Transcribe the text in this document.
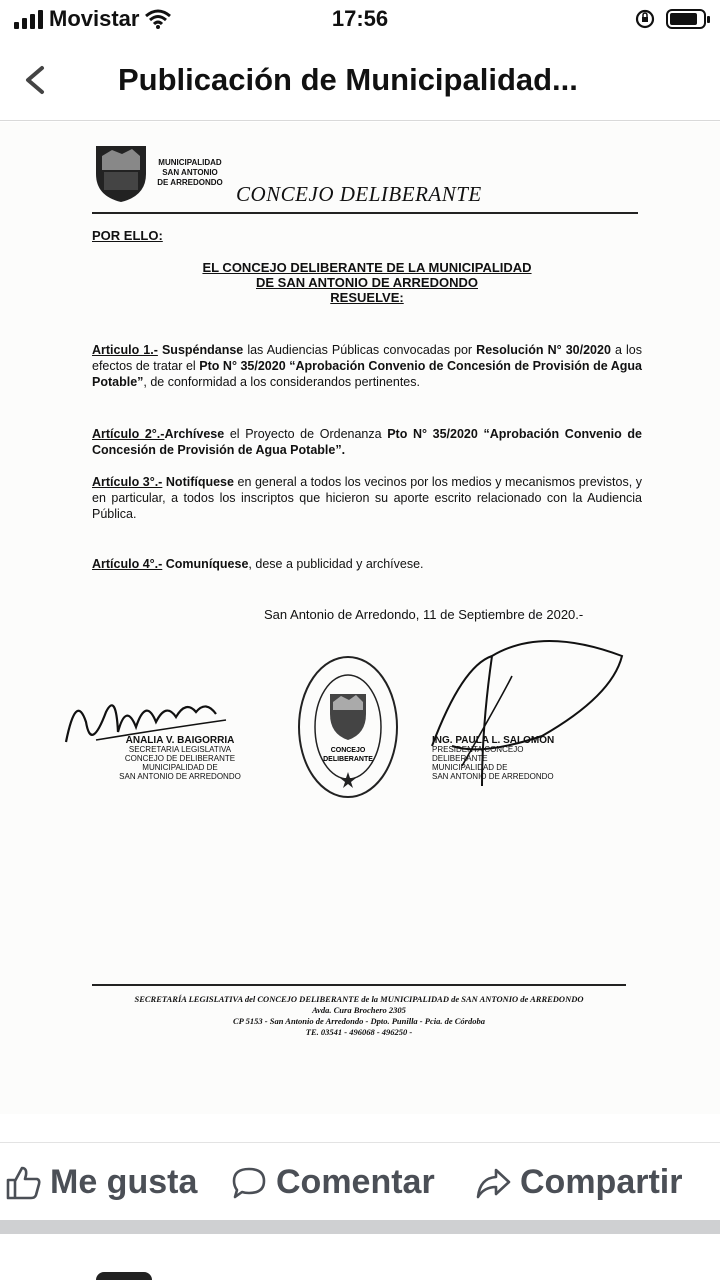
Movistar	17:56
Publicación de Municipalidad...
MUNICIPALIDAD
SAN ANTONIO
DE ARREDONDO CONCEJO DELIBERANTE
POR ELLO:
EL CONCEJO DELIBERANTE DE LA MUNICIPALIDAD
DE SAN ANTONIO DE ARREDONDO
RESUELVE:
Articulo 1.- Suspéndanse las Audiencias Públicas convocadas por Resolución N° 30/2020 a los efectos de tratar el Pto N° 35/2020 “Aprobación Convenio de Concesión de Provisión de Agua Potable”, de conformidad a los considerandos pertinentes.
Artículo 2°.-Archívese el Proyecto de Ordenanza Pto N° 35/2020 “Aprobación Convenio de Concesión de Provisión de Agua Potable”.
Artículo 3°.- Notifíquese en general a todos los vecinos por los medios y mecanismos previstos, y en particular, a todos los inscriptos que hicieron su aporte escrito relacionado con la Audiencia Pública.
Artículo 4°.- Comuníquese, dese a publicidad y archívese.
San Antonio de Arredondo, 11 de Septiembre de 2020.-
ANALIA V. BAIGORRIA
SECRETARIA LEGISLATIVA
CONCEJO DE DELIBERANTE
MUNICIPALIDAD DE
SAN ANTONIO DE ARREDONDO
CONCEJO
DELIBERANTE
ING. PAULA L. SALOMON
PRESIDENTA CONCEJO DELIBERANTE
MUNICIPALIDAD DE
SAN ANTONIO DE ARREDONDO
SECRETARÍA LEGISLATIVA del CONCEJO DELIBERANTE de la MUNICIPALIDAD de SAN ANTONIO de ARREDONDO
Avda. Cura Brochero 2305
CP 5153 - San Antonio de Arredondo - Dpto. Punilla - Pcia. de Córdoba
TE. 03541 - 496068 - 496250 -
Me gusta Comentar	Compartir
